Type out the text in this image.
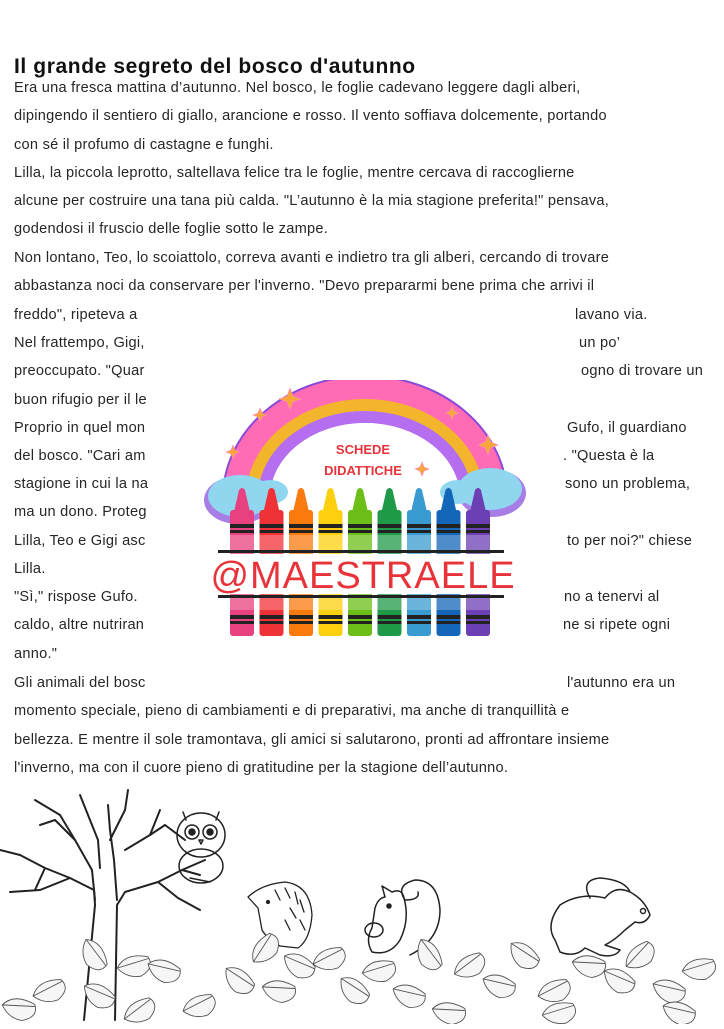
Il grande segreto del bosco d'autunno
Era una fresca mattina d’autunno. Nel bosco, le foglie cadevano leggere dagli alberi,
dipingendo il sentiero di giallo, arancione e rosso. Il vento soffiava dolcemente, portando
con sé il profumo di castagne e funghi.
Lilla, la piccola leprotto, saltellava felice tra le foglie, mentre cercava di raccoglierne
alcune per costruire una tana più calda. "L’autunno è la mia stagione preferita!" pensava,
godendosi il fruscio delle foglie sotto le zampe.
Non lontano, Teo, lo scoiattolo, correva avanti e indietro tra gli alberi, cercando di trovare
abbastanza noci da conservare per l'inverno. "Devo prepararmi bene prima che arrivi il
freddo", ripeteva a	lavano via.
Nel frattempo, Gigi,	un po’
preoccupato. "Quar	ogno di trovare un
buon rifugio per il le
Proprio in quel mon	Gufo, il guardiano
del bosco. "Cari am	. "Questa è la
stagione in cui la na	sono un problema,
ma un dono. Proteg
Lilla, Teo e Gigi asc	to per noi?" chiese
Lilla.
"Sì," rispose Gufo.	no a tenervi al
caldo, altre nutriran	ne si ripete ogni
anno."
Gli animali del bosc	l'autunno era un
momento speciale, pieno di cambiamenti e di preparativi, ma anche di tranquillità e
bellezza. E mentre il sole tramontava, gli amici si salutarono, pronti ad affrontare insieme
l'inverno, ma con il cuore pieno di gratitudine per la stagione dell’autunno.
SCHEDE
DIDATTICHE
@MAESTRAELE
